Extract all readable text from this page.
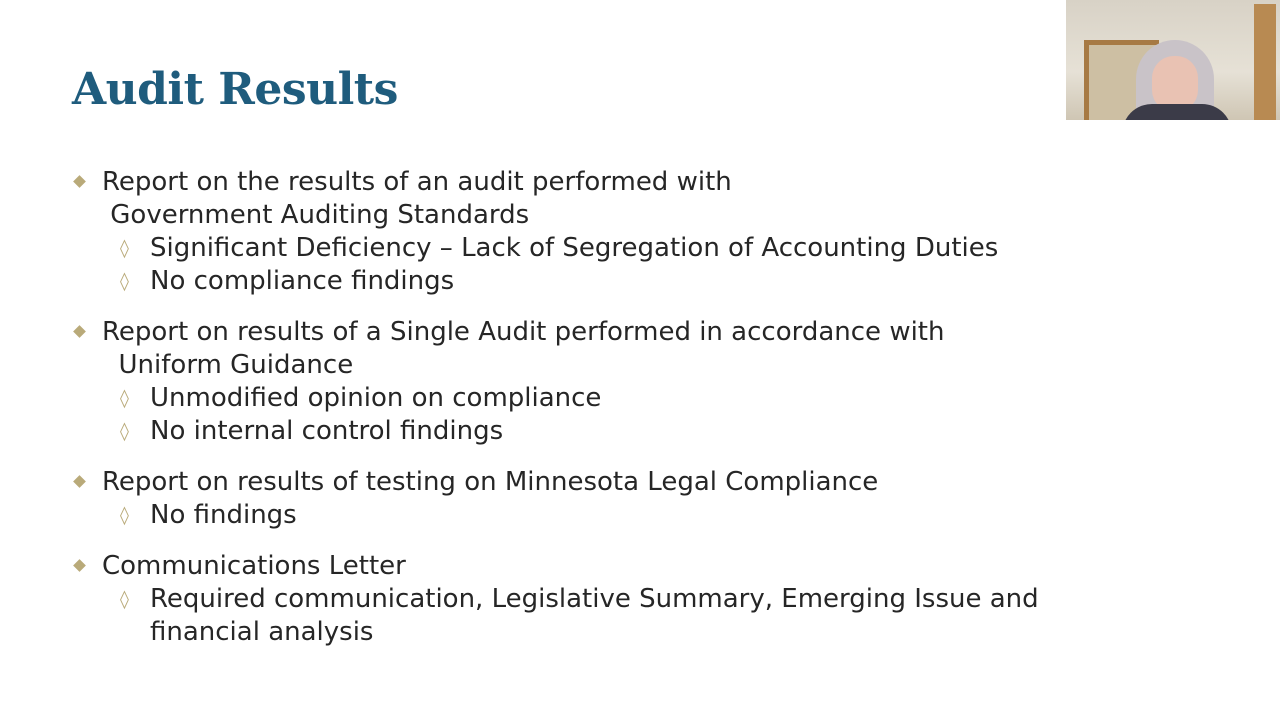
Audit Results
Report on the results of an audit performed with
Government Auditing Standards
◊ Significant Deficiency – Lack of Segregation of Accounting Duties
◊ No compliance findings
Report on results of a Single Audit performed in accordance with
Uniform Guidance
◊ Unmodified opinion on compliance
◊ No internal control findings
Report on results of testing on Minnesota Legal Compliance
◊ No findings
Communications Letter
◊ Required communication, Legislative Summary, Emerging Issue and financial analysis
